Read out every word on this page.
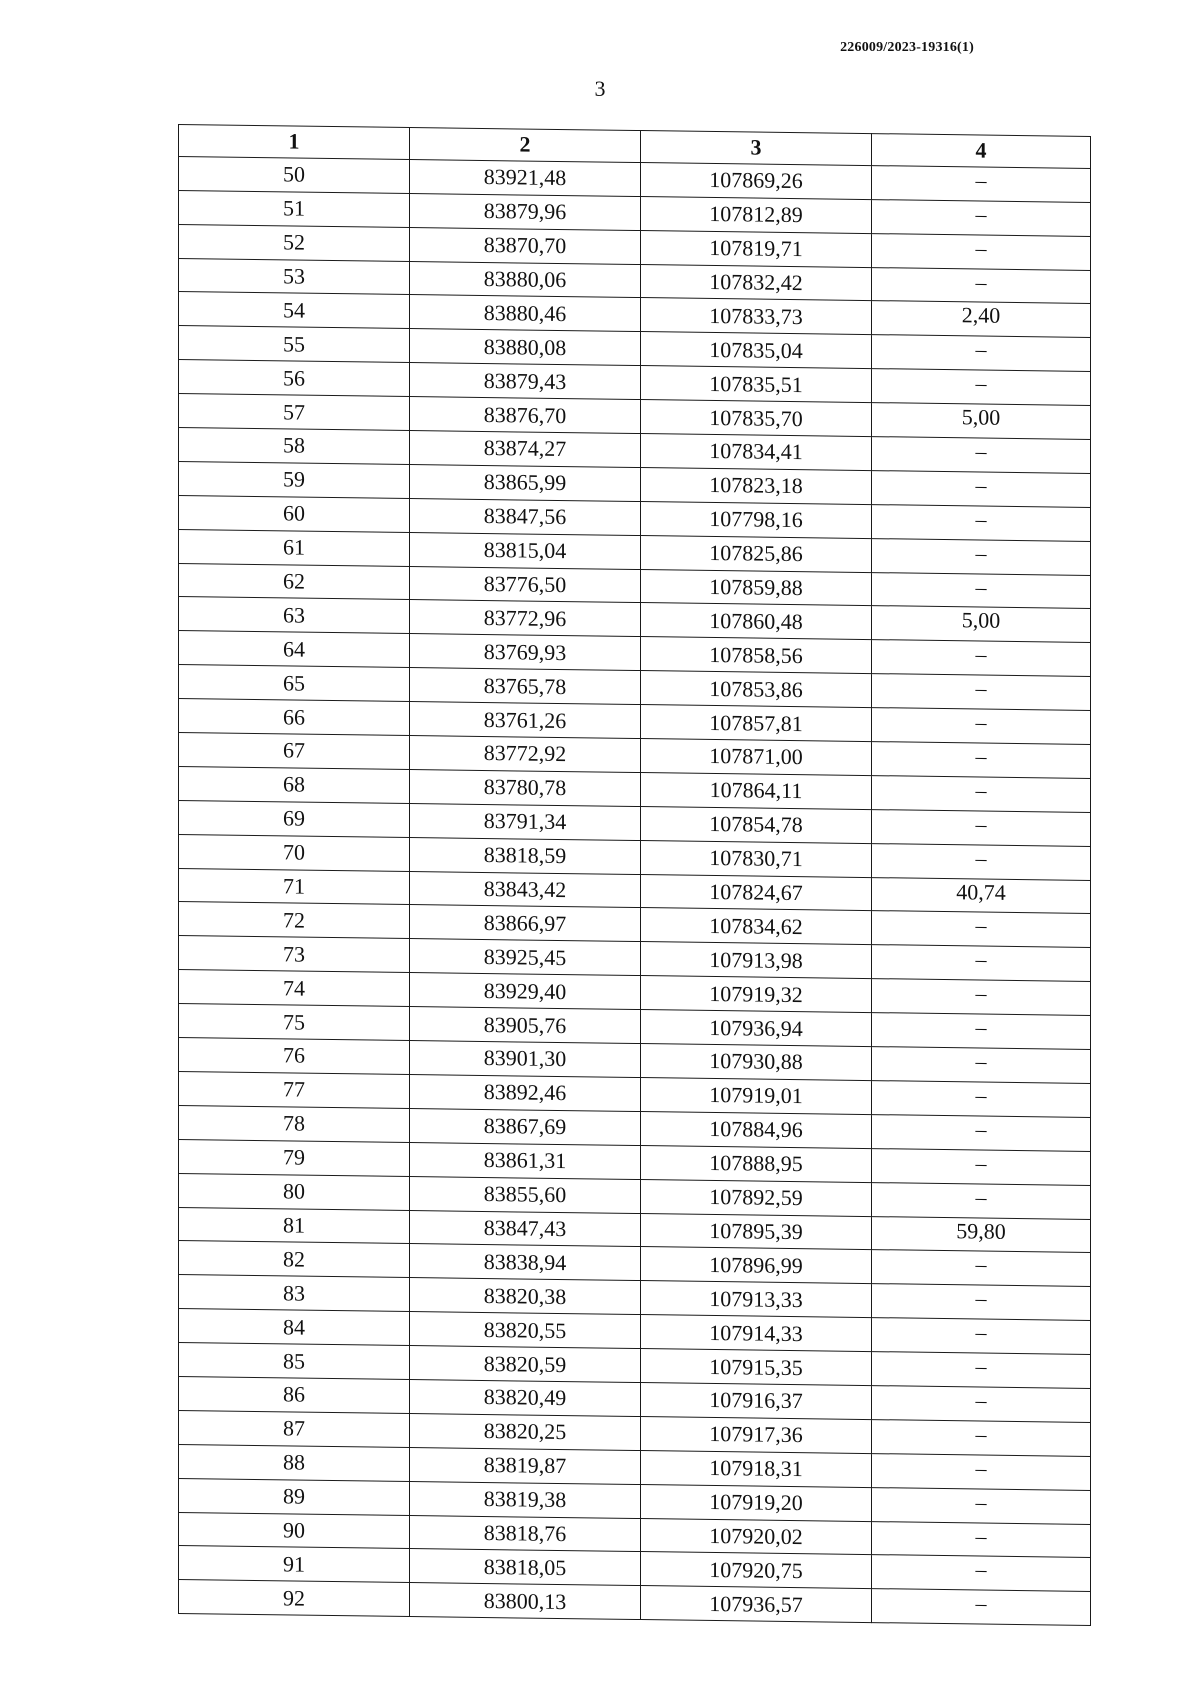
226009/2023-19316(1)
3
1	2	3	4
50	83921,48	107869,26	–
51	83879,96	107812,89	–
52	83870,70	107819,71	–
53	83880,06	107832,42	–
54	83880,46	107833,73	2,40
55	83880,08	107835,04	–
56	83879,43	107835,51	–
57	83876,70	107835,70	5,00
58	83874,27	107834,41	–
59	83865,99	107823,18	–
60	83847,56	107798,16	–
61	83815,04	107825,86	–
62	83776,50	107859,88	–
63	83772,96	107860,48	5,00
64	83769,93	107858,56	–
65	83765,78	107853,86	–
66	83761,26	107857,81	–
67	83772,92	107871,00	–
68	83780,78	107864,11	–
69	83791,34	107854,78	–
70	83818,59	107830,71	–
71	83843,42	107824,67	40,74
72	83866,97	107834,62	–
73	83925,45	107913,98	–
74	83929,40	107919,32	–
75	83905,76	107936,94	–
76	83901,30	107930,88	–
77	83892,46	107919,01	–
78	83867,69	107884,96	–
79	83861,31	107888,95	–
80	83855,60	107892,59	–
81	83847,43	107895,39	59,80
82	83838,94	107896,99	–
83	83820,38	107913,33	–
84	83820,55	107914,33	–
85	83820,59	107915,35	–
86	83820,49	107916,37	–
87	83820,25	107917,36	–
88	83819,87	107918,31	–
89	83819,38	107919,20	–
90	83818,76	107920,02	–
91	83818,05	107920,75	–
92	83800,13	107936,57	–
